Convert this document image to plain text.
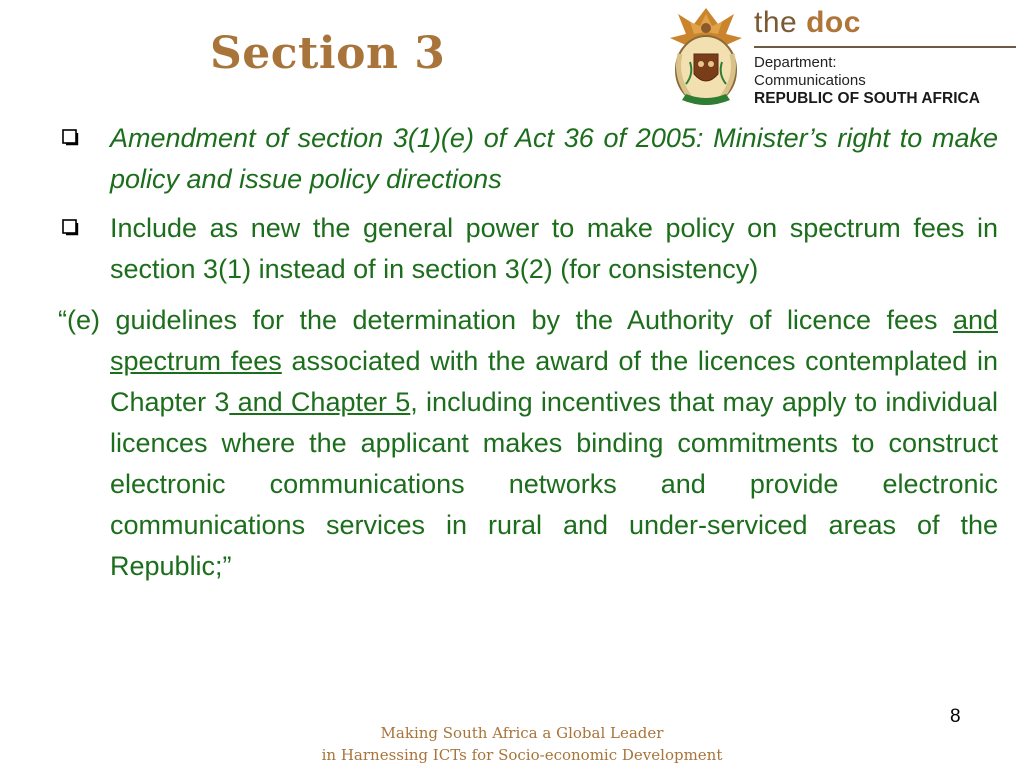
Section 3
the doc
Department:
Communications
REPUBLIC OF SOUTH AFRICA
Amendment of section 3(1)(e) of Act 36 of 2005: Minister’s right to make policy and issue policy directions
Include as new the general power to make policy on spectrum fees in section 3(1) instead of in section 3(2) (for consistency)
“(e) guidelines for the determination by the Authority of licence fees and spectrum fees associated with the award of the licences contemplated in Chapter 3 and Chapter 5, including incentives that may apply to individual licences where the applicant makes binding commitments to construct electronic communications networks and provide electronic communications services in rural and under-serviced areas of the Republic;”
8
Making South Africa a Global Leader
in Harnessing ICTs for Socio-economic Development
